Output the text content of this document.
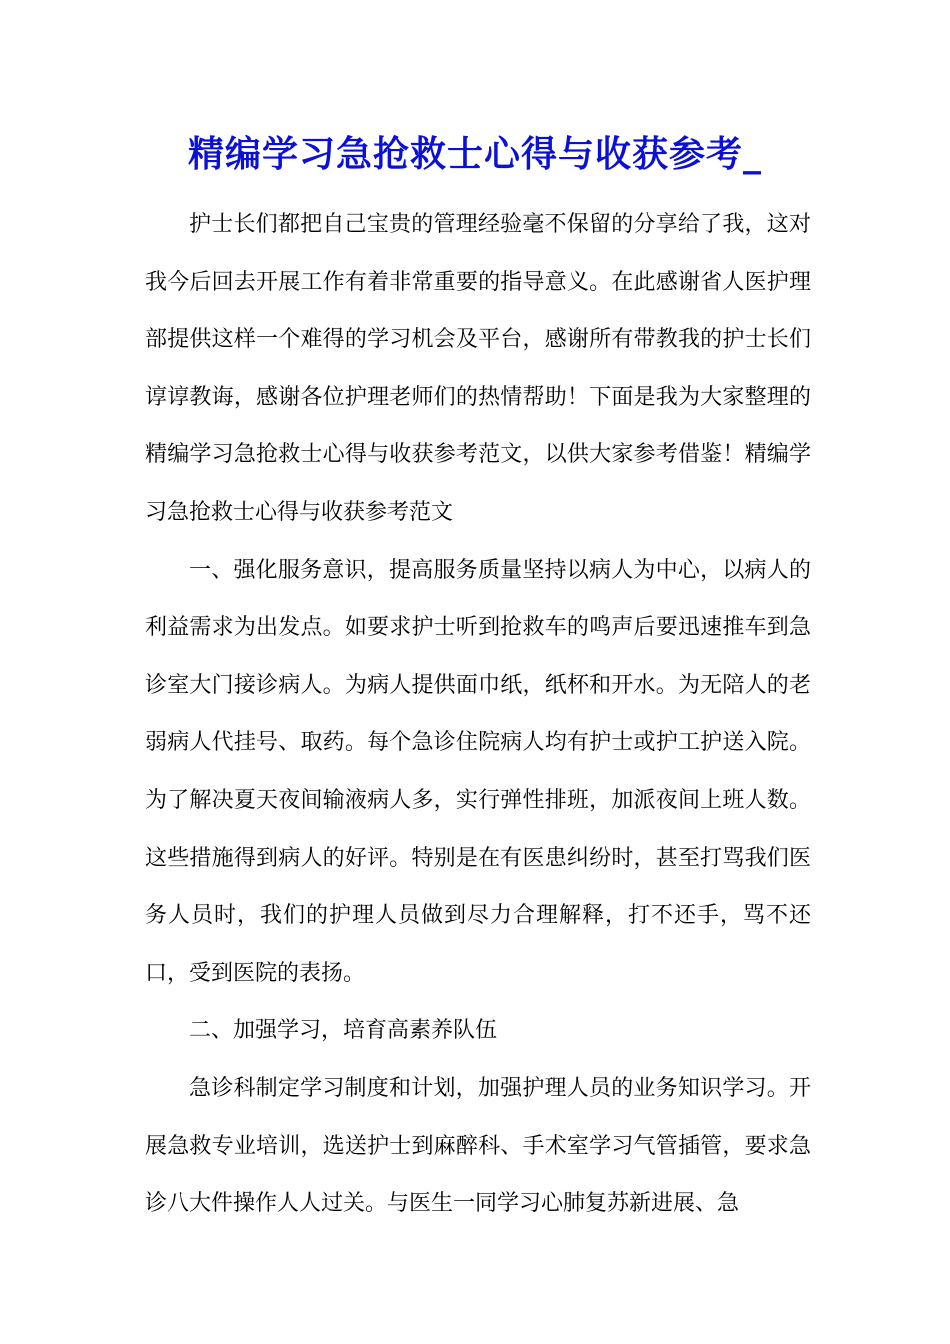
精编学习急抢救士心得与收获参考_

护士长们都把自己宝贵的管理经验毫不保留的分享给了我，这对我今后回去开展工作有着非常重要的指导意义。在此感谢省人医护理部提供这样一个难得的学习机会及平台，感谢所有带教我的护士长们谆谆教诲，感谢各位护理老师们的热情帮助！下面是我为大家整理的精编学习急抢救士心得与收获参考范文，以供大家参考借鉴！精编学习急抢救士心得与收获参考范文

一、强化服务意识，提高服务质量坚持以病人为中心，以病人的利益需求为出发点。如要求护士听到抢救车的鸣声后要迅速推车到急诊室大门接诊病人。为病人提供面巾纸，纸杯和开水。为无陪人的老弱病人代挂号、取药。每个急诊住院病人均有护士或护工护送入院。为了解决夏天夜间输液病人多，实行弹性排班，加派夜间上班人数。这些措施得到病人的好评。特别是在有医患纠纷时，甚至打骂我们医务人员时，我们的护理人员做到尽力合理解释，打不还手，骂不还口，受到医院的表扬。

二、加强学习，培育高素养队伍

急诊科制定学习制度和计划，加强护理人员的业务知识学习。开展急救专业培训，选送护士到麻醉科、手术室学习气管插管，要求急诊八大件操作人人过关。与医生一同学习心肺复苏新进展、急
